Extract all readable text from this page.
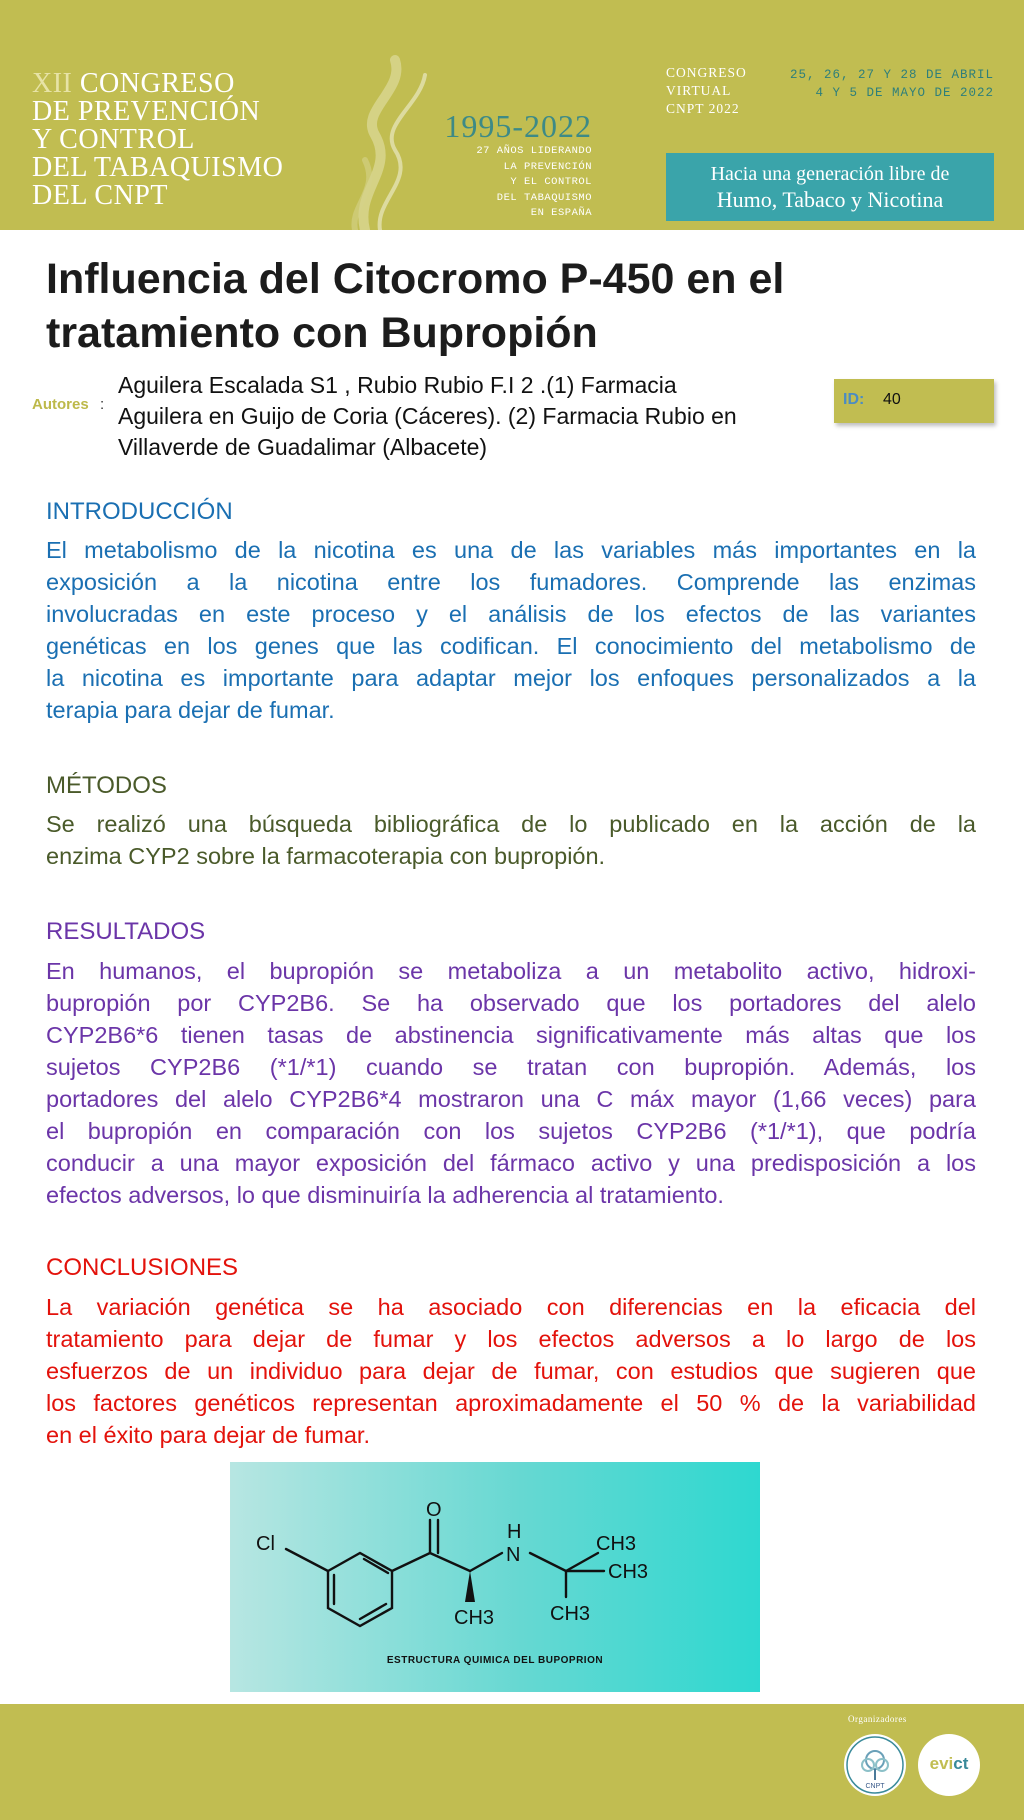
XII CONGRESO
DE PREVENCIÓN
Y CONTROL
DEL TABAQUISMO
DEL CNPT
1995-2022
27 AÑOS LIDERANDO
LA PREVENCIÓN
Y EL CONTROL
DEL TABAQUISMO
EN ESPAÑA
CONGRESO
VIRTUAL
CNPT 2022
25, 26, 27 Y 28 DE ABRIL
4 Y 5 DE MAYO DE 2022
Hacia una generación libre de
Humo, Tabaco y Nicotina
Influencia del Citocromo P-450 en el
tratamiento con Bupropión
Autores :
Aguilera Escalada S1 , Rubio Rubio F.I 2 .(1) Farmacia
Aguilera en Guijo de Coria (Cáceres). (2) Farmacia Rubio en
Villaverde de Guadalimar (Albacete)
ID: 40
INTRODUCCIÓN
El metabolismo de la nicotina es una de las variables más importantes en la
exposición a la nicotina entre los fumadores. Comprende las enzimas
involucradas en este proceso y el análisis de los efectos de las variantes
genéticas en los genes que las codifican. El conocimiento del metabolismo de
la nicotina es importante para adaptar mejor los enfoques personalizados a la
terapia para dejar de fumar.
MÉTODOS
Se realizó una búsqueda bibliográfica de lo publicado en la acción de la
enzima CYP2 sobre la farmacoterapia con bupropión.
RESULTADOS
En humanos, el bupropión se metaboliza a un metabolito activo, hidroxi-
bupropión por CYP2B6. Se ha observado que los portadores del alelo
CYP2B6*6 tienen tasas de abstinencia significativamente más altas que los
sujetos CYP2B6 (*1/*1) cuando se tratan con bupropión. Además, los
portadores del alelo CYP2B6*4 mostraron una C máx mayor (1,66 veces) para
el bupropión en comparación con los sujetos CYP2B6 (*1/*1), que podría
conducir a una mayor exposición del fármaco activo y una predisposición a los
efectos adversos, lo que disminuiría la adherencia al tratamiento.
CONCLUSIONES
La variación genética se ha asociado con diferencias en la eficacia del
tratamiento para dejar de fumar y los efectos adversos a lo largo de los
esfuerzos de un individuo para dejar de fumar, con estudios que sugieren que
los factores genéticos representan aproximadamente el 50 % de la variabilidad
en el éxito para dejar de fumar.
Cl
O
H
N
CH3
CH3
CH3
CH3
ESTRUCTURA QUIMICA DEL BUPOPRION
Organizadores
CNPT
evict
